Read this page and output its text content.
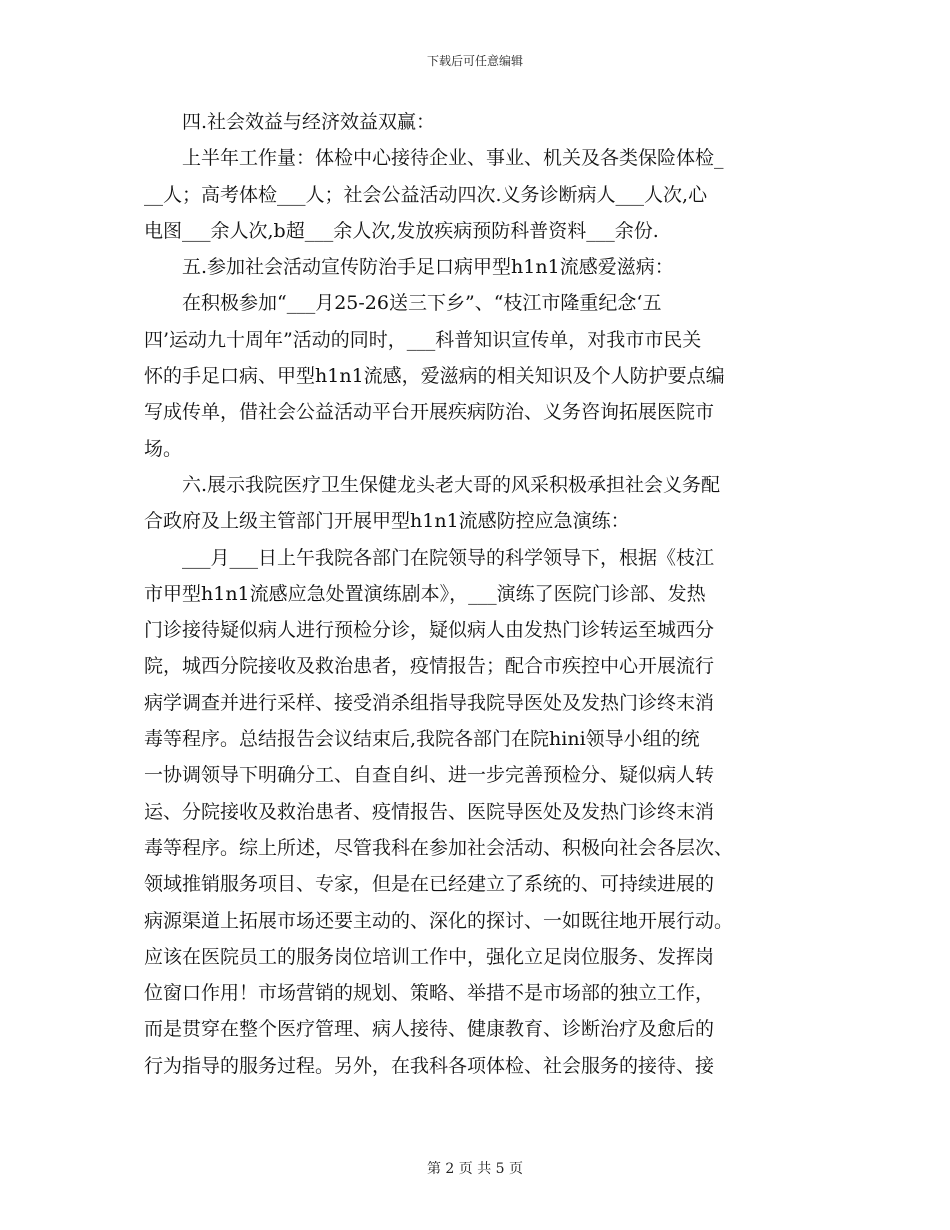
下载后可任意编辑
　　四.社会效益与经济效益双赢：
　　上半年工作量：体检中心接待企业、事业、机关及各类保险体检_
__人；高考体检___人；社会公益活动四次.义务诊断病人___人次,心
电图___余人次,b超___余人次,发放疾病预防科普资料___余份.
　　五.参加社会活动宣传防治手足口病甲型h1n1流感爱滋病：
　　在积极参加“___月25-26送三下乡”、“枝江市隆重纪念‘五
四’运动九十周年”活动的同时，___科普知识宣传单，对我市市民关
怀的手足口病、甲型h1n1流感，爱滋病的相关知识及个人防护要点编
写成传单，借社会公益活动平台开展疾病防治、义务咨询拓展医院市
场。
　　六.展示我院医疗卫生保健龙头老大哥的风采积极承担社会义务配
合政府及上级主管部门开展甲型h1n1流感防控应急演练：
　　___月___日上午我院各部门在院领导的科学领导下，根据《枝江
市甲型h1n1流感应急处置演练剧本》，___演练了医院门诊部、发热
门诊接待疑似病人进行预检分诊，疑似病人由发热门诊转运至城西分
院，城西分院接收及救治患者，疫情报告；配合市疾控中心开展流行
病学调查并进行采样、接受消杀组指导我院导医处及发热门诊终末消
毒等程序。总结报告会议结束后,我院各部门在院hini领导小组的统
一协调领导下明确分工、自查自纠、进一步完善预检分、疑似病人转
运、分院接收及救治患者、疫情报告、医院导医处及发热门诊终末消
毒等程序。综上所述，尽管我科在参加社会活动、积极向社会各层次、
领域推销服务项目、专家，但是在已经建立了系统的、可持续进展的
病源渠道上拓展市场还要主动的、深化的探讨、一如既往地开展行动。
应该在医院员工的服务岗位培训工作中，强化立足岗位服务、发挥岗
位窗口作用！市场营销的规划、策略、举措不是市场部的独立工作，
而是贯穿在整个医疗管理、病人接待、健康教育、诊断治疗及愈后的
行为指导的服务过程。另外，在我科各项体检、社会服务的接待、接
第 2 页 共 5 页
